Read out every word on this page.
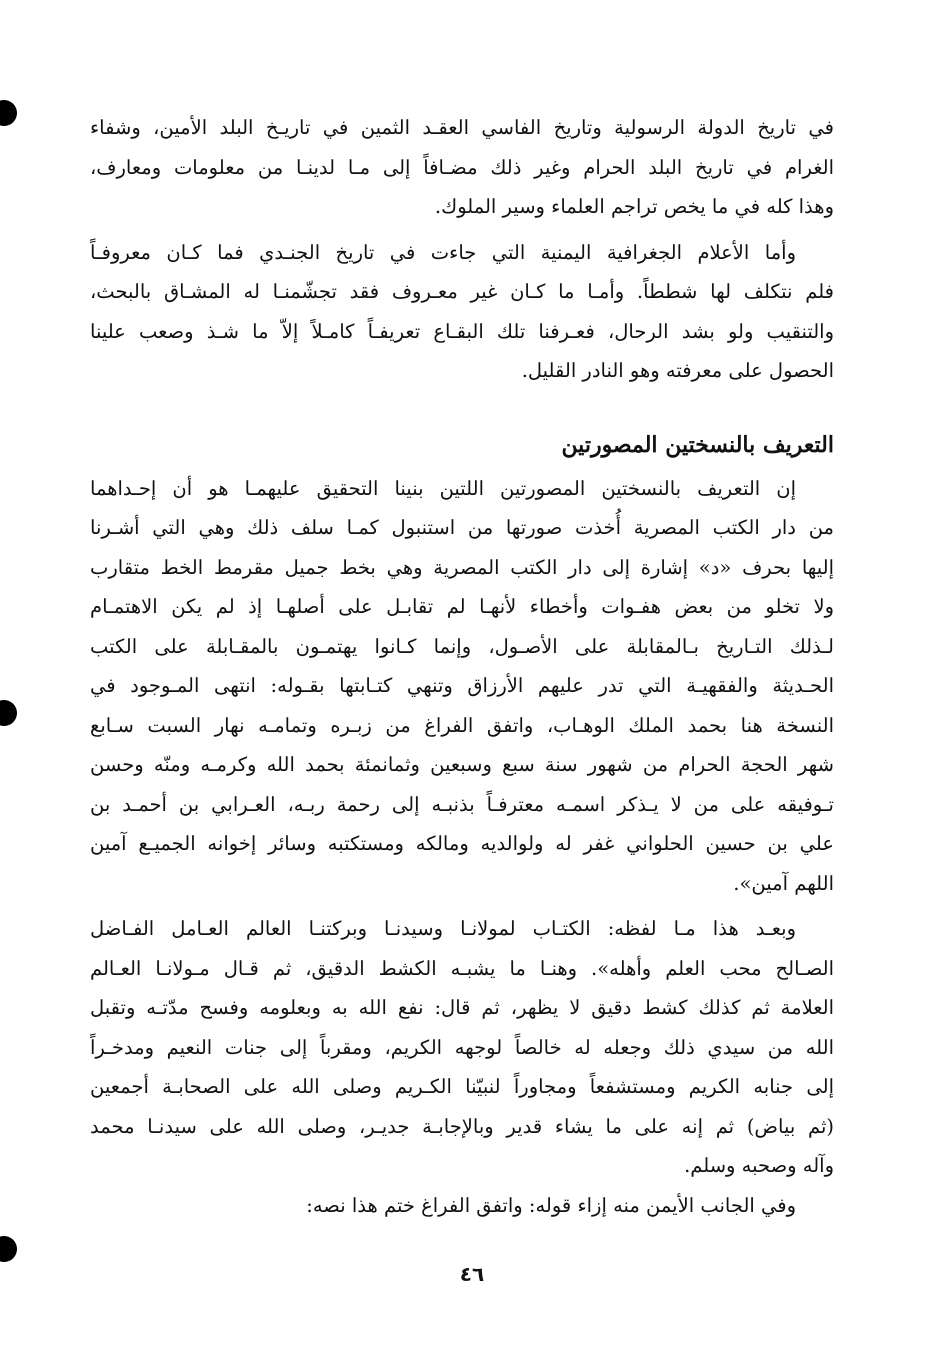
في تاريخ الدولة الرسولية وتاريخ الفاسي العقـد الثمين في تاريـخ البلد الأمين، وشفاء
الغرام في تاريخ البلد الحرام وغير ذلك مضـافاً إلى مـا لدينـا من معلومات ومعارف،
وهذا كله في ما يخص تراجم العلماء وسير الملوك.
وأما الأعلام الجغرافية اليمنية التي جاءت في تاريخ الجنـدي فما كـان معروفـاً
فلم نتكلف لها شططاً. وأمـا ما كـان غير معـروف فقد تجشّمنـا له المشـاق بالبحث،
والتنقيب ولو بشد الرحال، فعـرفنا تلك البقـاع تعريفـاً كامـلاً إلاّ ما شـذ وصعب علينا
الحصول على معرفته وهو النادر القليل.
التعريف بالنسختين المصورتين
إن التعريف بالنسختين المصورتين اللتين بنينا التحقيق عليهمـا هو أن إحـداهما
من دار الكتب المصرية أُخذت صورتها من استنبول كمـا سلف ذلك وهي التي أشـرنا
إليها بحرف «د» إشارة إلى دار الكتب المصرية وهي بخط جميل مقرمط الخط متقارب
ولا تخلو من بعض هفـوات وأخطاء لأنهـا لم تقابـل على أصلهـا إذ لم يكن الاهتمـام
لـذلك التـاريخ بـالمقابلة على الأصـول، وإنما كـانوا يهتمـون بالمقـابلة على الكتب
الحـديثة والفقهيـة التي تدر عليهم الأرزاق وتنهي كتـابتها بقـوله: انتهى المـوجود في
النسخة هنا بحمد الملك الوهـاب، واتفق الفراغ من زبـره وتمامـه نهار السبت سـابع
شهر الحجة الحرام من شهور سنة سبع وسبعين وثمانمئة بحمد الله وكرمـه ومنّه وحسن
تـوفيقه على من لا يـذكر اسمـه معترفـاً بذنبـه إلى رحمة ربـه، العـرابي بن أحمـد بن
علي بن حسين الحلواني غفر له ولوالديه ومالكه ومستكتبه وسائر إخوانه الجميـع آمين
اللهم آمين».
وبعـد هذا مـا لفظه: الكتـاب لمولانـا وسيدنـا وبركتنـا العالم العـامل الفـاضل
الصـالح محب العلم وأهله». وهنـا ما يشبـه الكشط الدقيق، ثم قـال مـولانـا العـالم
العلامة ثم كذلك كشط دقيق لا يظهر، ثم قال: نفع الله به وبعلومه وفسح مدّتـه وتقبل
الله من سيدي ذلك وجعله له خالصاً لوجهه الكريم، ومقرباً إلى جنات النعيم ومدخـراً
إلى جنابه الكريم ومستشفعاً ومجاوراً لنبيّنا الكـريم وصلى الله على الصحابـة أجمعين
(ثم بياض) ثم إنه على ما يشاء قدير وبالإجابـة جديـر، وصلى الله على سيدنـا محمد
وآله وصحبه وسلم.
وفي الجانب الأيمن منه إزاء قوله: واتفق الفراغ ختم هذا نصه:
٤٦
